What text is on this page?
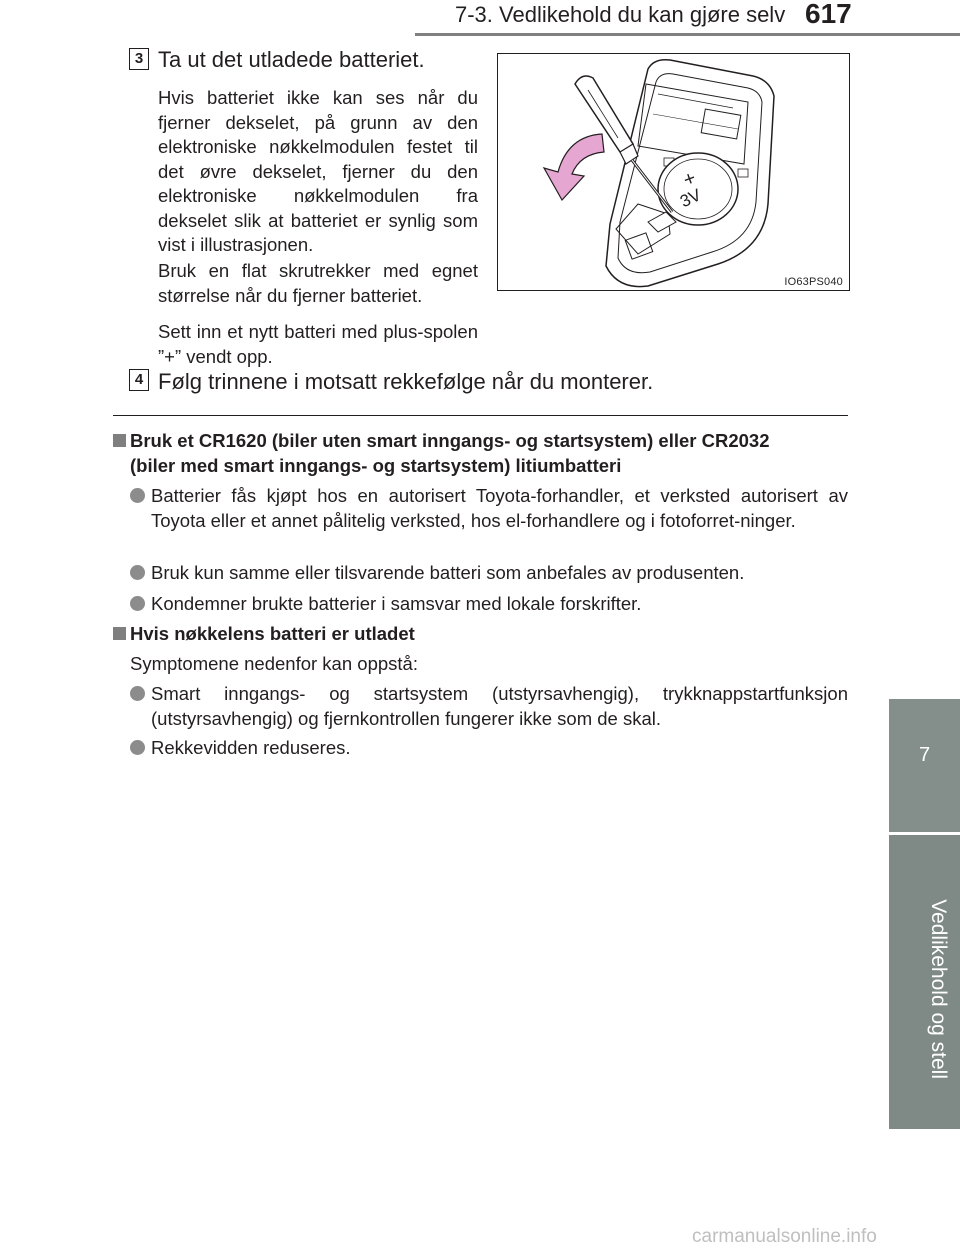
7-3. Vedlikehold du kan gjøre selv 617
7
Vedlikehold og stell
3 Ta ut det utladede batteriet.
Hvis batteriet ikke kan ses når du fjerner dekselet, på grunn av den elektroniske nøkkelmodulen festet til det øvre dekselet, fjerner du den elektroniske nøkkelmodulen fra dekselet slik at batteriet er synlig som vist i illustrasjonen.
Bruk en flat skrutrekker med egnet størrelse når du fjerner batteriet.
Sett inn et nytt batteri med plus-spolen ”+” vendt opp.
+
3V
IO63PS040
4 Følg trinnene i motsatt rekkefølge når du monterer.
Bruk et CR1620 (biler uten smart inngangs- og startsystem) eller CR2032
(biler med smart inngangs- og startsystem) litiumbatteri
Batterier fås kjøpt hos en autorisert Toyota-forhandler, et verksted autorisert av Toyota eller et annet pålitelig verksted, hos el-forhandlere og i fotoforret-ninger.
Bruk kun samme eller tilsvarende batteri som anbefales av produsenten.
Kondemner brukte batterier i samsvar med lokale forskrifter.
Hvis nøkkelens batteri er utladet
Symptomene nedenfor kan oppstå:
Smart inngangs- og startsystem (utstyrsavhengig), trykknappstartfunksjon (utstyrsavhengig) og fjernkontrollen fungerer ikke som de skal.
Rekkevidden reduseres.
carmanualsonline.info
